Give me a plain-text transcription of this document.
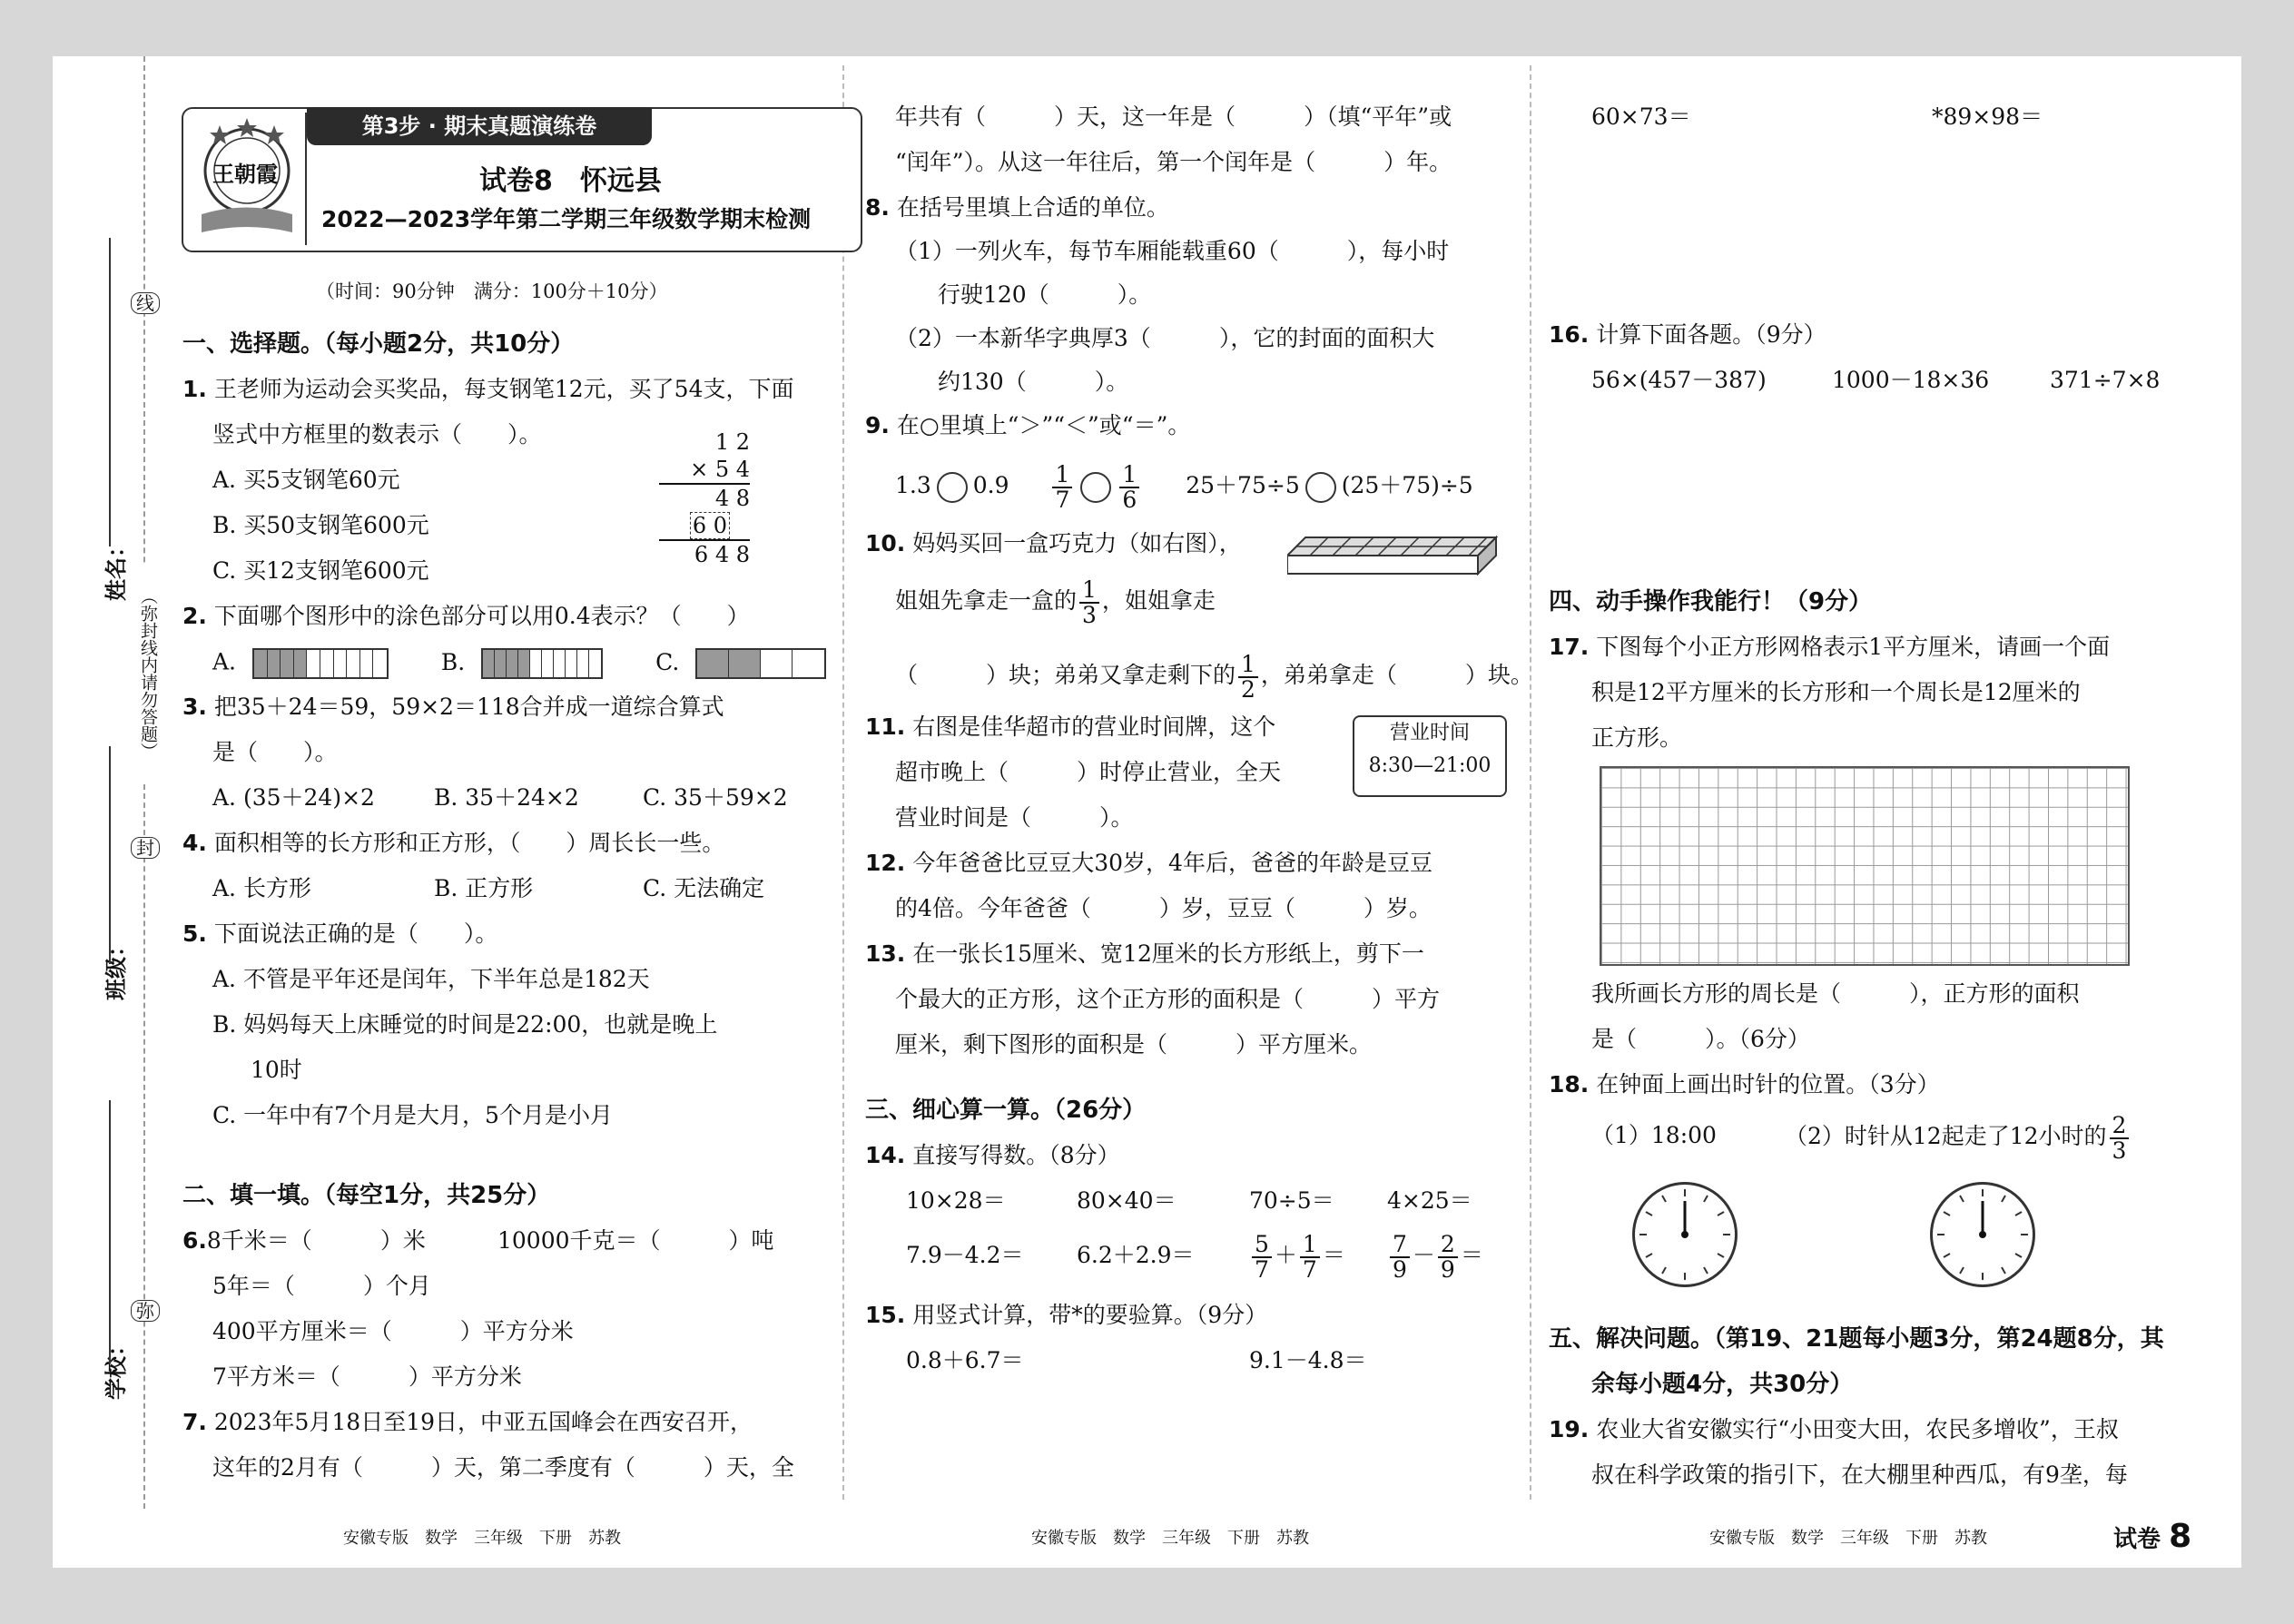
学校：
班级：
姓名：
线
（弥封线内请勿答题）
封
弥
王朝霞
第3步 · 期末真题演练卷
试卷8　怀远县
2022—2023学年第二学期三年级数学期末检测
（时间：90分钟　满分：100分＋10分）
一、选择题。（每小题2分，共10分）
1. 王老师为运动会买奖品，每支钢笔12元，买了54支，下面
竖式中方框里的数表示（　　）。
A. 买5支钢笔60元
B. 买50支钢笔600元
C. 买12支钢笔600元
1 2
× 5 4
4 8
6 0
6 4 8
2. 下面哪个图形中的涂色部分可以用0.4表示？（　　）
A.	B.	C.
3. 把35＋24＝59，59×2＝118合并成一道综合算式
是（　　）。
A. (35＋24)×2	B. 35＋24×2	C. 35＋59×2
4. 面积相等的长方形和正方形，（　　）周长长一些。
A. 长方形	B. 正方形	C. 无法确定
5. 下面说法正确的是（　　）。
A. 不管是平年还是闰年，下半年总是182天
B. 妈妈每天上床睡觉的时间是22:00，也就是晚上
10时
C. 一年中有7个月是大月，5个月是小月
二、填一填。（每空1分，共25分）
6.8千米＝（　　　）米	10000千克＝（　　　）吨
5年＝（　　　）个月
400平方厘米＝（　　　）平方分米
7平方米＝（　　　）平方分米
7. 2023年5月18日至19日，中亚五国峰会在西安召开，
这年的2月有（　　　）天，第二季度有（　　　）天，全
年共有（　　　）天，这一年是（　　　）（填“平年”或
“闰年”）。从这一年往后，第一个闰年是（　　　）年。
8. 在括号里填上合适的单位。
（1）一列火车，每节车厢能载重60（　　　），每小时
行驶120（　　　）。
（2）一本新华字典厚3（　　　），它的封面的面积大
约130（　　　）。
9. 在○里填上“＞”“＜”或“＝”。
1.3 $0.9 \frac{1}{7} \frac{1}{6} 25+75\div 5$ (25＋75)÷5
10. 妈妈买回一盒巧克力（如右图），
姐姐先拿走一盒的 $\frac{1}{3}$ ，姐姐拿走
（　　　）块；弟弟又拿走剩下的 $\frac{1}{2}$ ，弟弟拿走（　　　）块。
11. 右图是佳华超市的营业时间牌，这个
超市晚上（　　　）时停止营业，全天
营业时间是（　　　）。
营业时间
8:30—21:00
12. 今年爸爸比豆豆大30岁，4年后，爸爸的年龄是豆豆
的4倍。今年爸爸（　　　）岁，豆豆（　　　）岁。
13. 在一张长15厘米、宽12厘米的长方形纸上，剪下一
个最大的正方形，这个正方形的面积是（　　　）平方
厘米，剩下图形的面积是（　　　）平方厘米。
三、细心算一算。（26分）
14. 直接写得数。（8分）
10×28＝	80×40＝	70÷5＝ 4×25＝
7.9－4.2＝ 6.2＋2.9＝	$\frac{5}{7} + \frac{1}{7} = \frac{7}{9} - \frac{2}{9}$ ＝
15. 用竖式计算，带*的要验算。（9分）
0.8＋6.7＝	9.1－4.8＝
60×73＝	*89×98＝
16. 计算下面各题。（9分）
56×(457－387)	1000－18×36	371÷7×8
四、动手操作我能行！（9分）
17. 下图每个小正方形网格表示1平方厘米，请画一个面
积是12平方厘米的长方形和一个周长是12厘米的
正方形。
我所画长方形的周长是（　　　），正方形的面积
是（　　　）。（6分）
18. 在钟面上画出时针的位置。（3分）
（1）18:00	（2）时针从12起走了12小时的 $\frac{2}{3}$
五、解决问题。（第19、21题每小题3分，第24题8分，其
余每小题4分，共30分）
19. 农业大省安徽实行“小田变大田，农民多增收”，王叔
叔在科学政策的指引下，在大棚里种西瓜，有9垄，每
安徽专版　数学　三年级　下册　苏教	安徽专版　数学　三年级　下册　苏教	安徽专版　数学　三年级　下册　苏教	试卷 8
